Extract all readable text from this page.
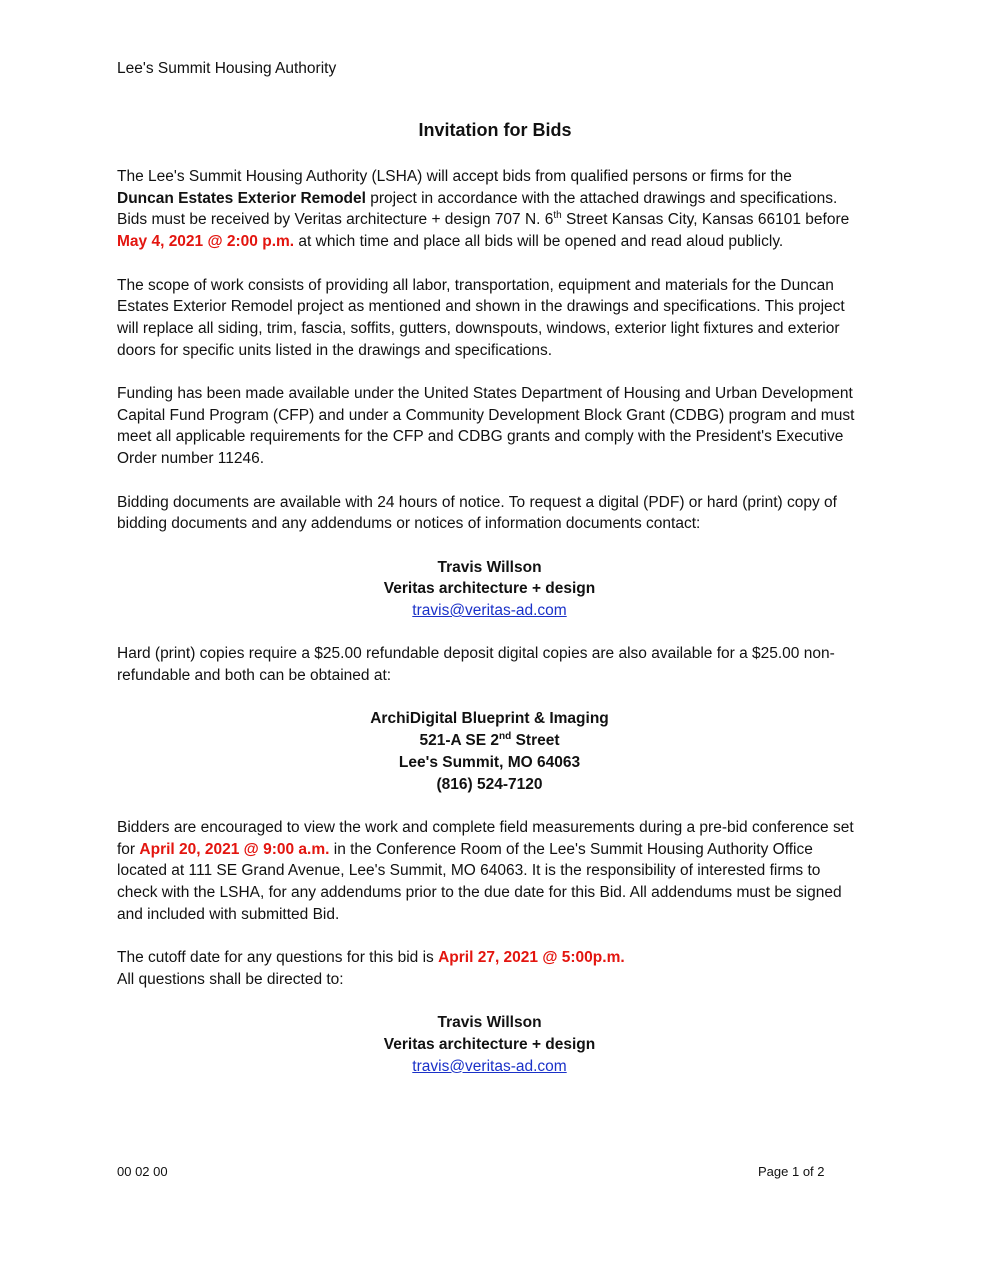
Lee's Summit Housing Authority
Invitation for Bids

The Lee's Summit Housing Authority (LSHA) will accept bids from qualified persons or firms for the
Duncan Estates Exterior Remodel project in accordance with the attached drawings and specifications. Bids must be received by Veritas architecture + design 707 N. 6th Street Kansas City, Kansas 66101 before May 4, 2021 @ 2:00 p.m. at which time and place all bids will be opened and read aloud publicly.

The scope of work consists of providing all labor, transportation, equipment and materials for the Duncan Estates Exterior Remodel project as mentioned and shown in the drawings and specifications. This project will replace all siding, trim, fascia, soffits, gutters, downspouts, windows, exterior light fixtures and exterior doors for specific units listed in the drawings and specifications.

Funding has been made available under the United States Department of Housing and Urban Development Capital Fund Program (CFP) and under a Community Development Block Grant (CDBG) program and must meet all applicable requirements for the CFP and CDBG grants and comply with the President's Executive Order number 11246.

Bidding documents are available with 24 hours of notice. To request a digital (PDF) or hard (print) copy of bidding documents and any addendums or notices of information documents contact:

Travis Willson
Veritas architecture + design
travis@veritas-ad.com

Hard (print) copies require a $25.00 refundable deposit digital copies are also available for a $25.00 non-refundable and both can be obtained at:

ArchiDigital Blueprint & Imaging
521-A SE 2nd Street
Lee's Summit, MO 64063
(816) 524-7120

Bidders are encouraged to view the work and complete field measurements during a pre-bid conference set for April 20, 2021 @ 9:00 a.m. in the Conference Room of the Lee's Summit Housing Authority Office located at 111 SE Grand Avenue, Lee's Summit, MO 64063. It is the responsibility of interested firms to check with the LSHA, for any addendums prior to the due date for this Bid. All addendums must be signed and included with submitted Bid.

The cutoff date for any questions for this bid is April 27, 2021 @ 5:00p.m.
All questions shall be directed to:

Travis Willson
Veritas architecture + design
travis@veritas-ad.com
00 02 00	Page 1 of 2
